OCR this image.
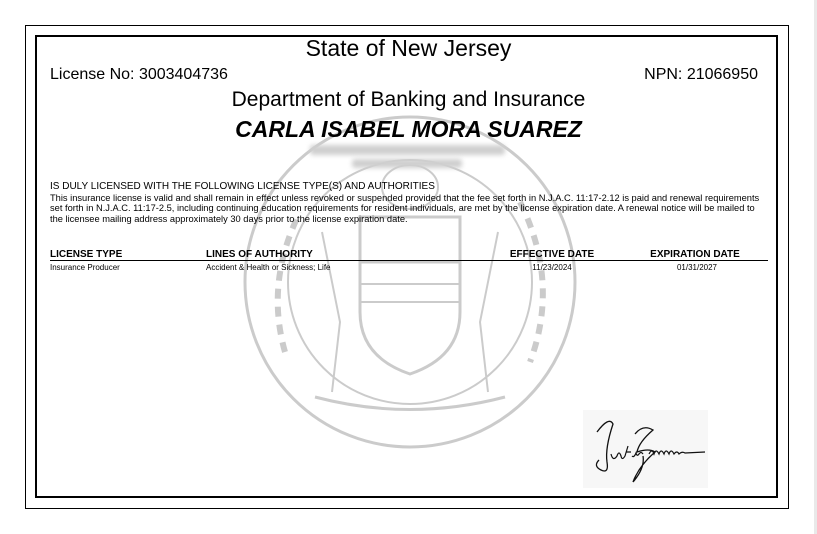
State of New Jersey
License No: 3003404736	NPN: 21066950
Department of Banking and Insurance
CARLA ISABEL MORA SUAREZ
IS DULY LICENSED WITH THE FOLLOWING LICENSE TYPE(S) AND AUTHORITIES
This insurance license is valid and shall remain in effect unless revoked or suspended provided that the fee set forth in N.J.A.C. 11:17-2.12 is paid and renewal requirements set forth in N.J.A.C. 11:17-2.5, including continuing education requirements for resident individuals, are met by the license expiration date. A renewal notice will be mailed to the licensee mailing address approximately 30 days prior to the license expiration date.
LICENSE TYPE	LINES OF AUTHORITY	EFFECTIVE DATE	EXPIRATION DATE
Insurance Producer	Accident & Health or Sickness; Life	11/23/2024	01/31/2027
